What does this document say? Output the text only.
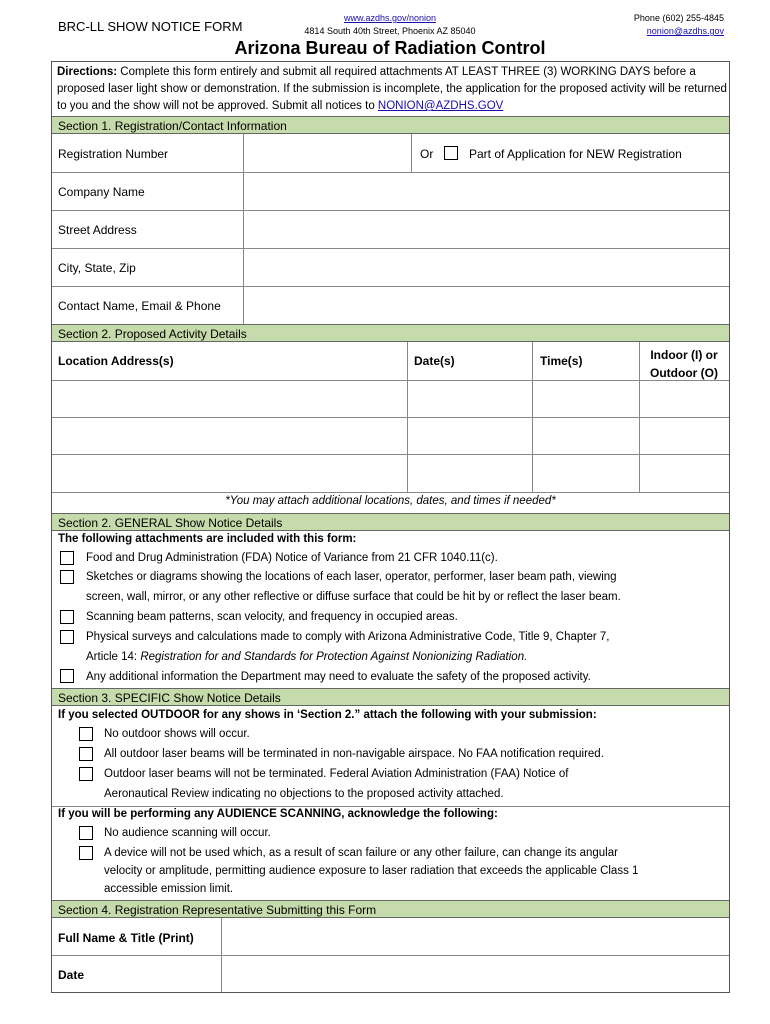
BRC-LL SHOW NOTICE FORM
www.azdhs.gov/nonion
4814 South 40th Street, Phoenix AZ 85040
Phone (602) 255-4845
nonion@azdhs.gov
Arizona Bureau of Radiation Control
Directions: Complete this form entirely and submit all required attachments AT LEAST THREE (3) WORKING DAYS before a proposed laser light show or demonstration. If the submission is incomplete, the application for the proposed activity will be returned to you and the show will not be approved. Submit all notices to NONION@AZDHS.GOV
Section 1. Registration/Contact Information
Registration Number	Or	Part of Application for NEW Registration
Company Name
Street Address
City, State, Zip
Contact Name, Email & Phone
Section 2. Proposed Activity Details
Location Address(s)	Date(s)	Time(s)	Indoor (I) or
Outdoor (O)
*You may attach additional locations, dates, and times if needed*
Section 2. GENERAL Show Notice Details
The following attachments are included with this form:
Food and Drug Administration (FDA) Notice of Variance from 21 CFR 1040.11(c).
Sketches or diagrams showing the locations of each laser, operator, performer, laser beam path, viewing
screen, wall, mirror, or any other reflective or diffuse surface that could be hit by or reflect the laser beam.
Scanning beam patterns, scan velocity, and frequency in occupied areas.
Physical surveys and calculations made to comply with Arizona Administrative Code, Title 9, Chapter 7,
Article 14: Registration for and Standards for Protection Against Nonionizing Radiation.
Any additional information the Department may need to evaluate the safety of the proposed activity.
Section 3. SPECIFIC Show Notice Details
If you selected OUTDOOR for any shows in ‘Section 2.” attach the following with your submission:
No outdoor shows will occur.
All outdoor laser beams will be terminated in non-navigable airspace. No FAA notification required.
Outdoor laser beams will not be terminated. Federal Aviation Administration (FAA) Notice of
Aeronautical Review indicating no objections to the proposed activity attached.
If you will be performing any AUDIENCE SCANNING, acknowledge the following:
No audience scanning will occur.
A device will not be used which, as a result of scan failure or any other failure, can change its angular
velocity or amplitude, permitting audience exposure to laser radiation that exceeds the applicable Class 1
accessible emission limit.
Section 4. Registration Representative Submitting this Form
Full Name & Title (Print)
Date
